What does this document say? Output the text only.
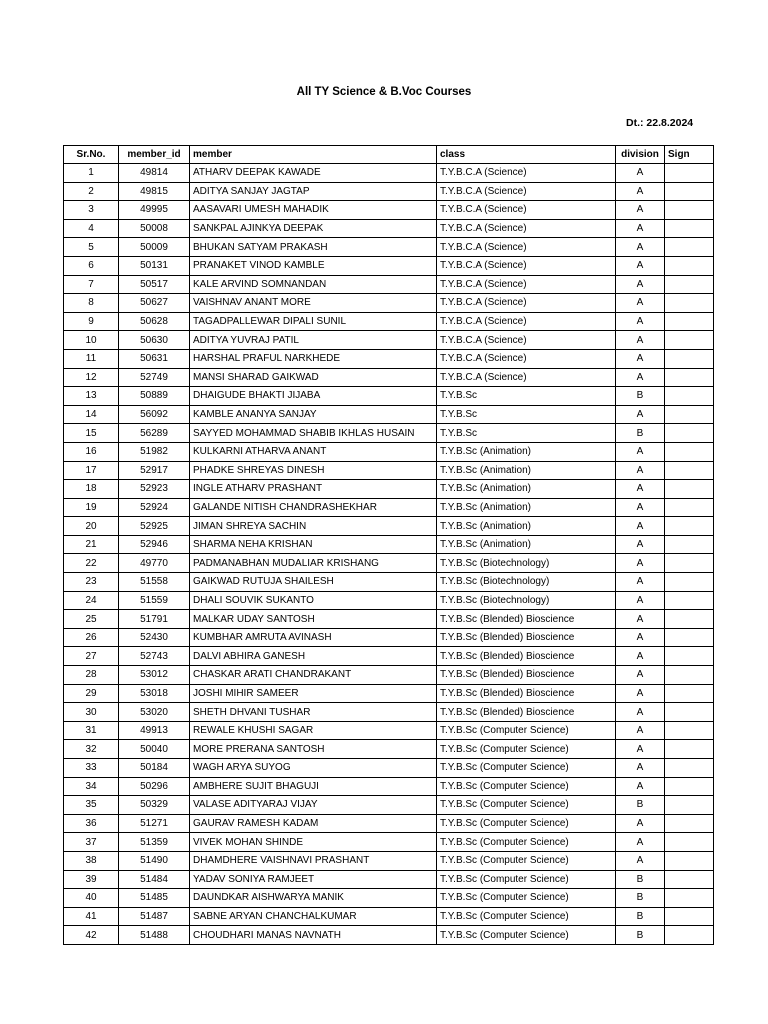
All TY Science & B.Voc Courses
Dt.: 22.8.2024
Sr.No.	member_id	member	class	division	Sign
1	49814	ATHARV DEEPAK KAWADE	T.Y.B.C.A (Science)	A	
2	49815	ADITYA SANJAY JAGTAP	T.Y.B.C.A (Science)	A	
3	49995	AASAVARI UMESH MAHADIK	T.Y.B.C.A (Science)	A	
4	50008	SANKPAL AJINKYA DEEPAK	T.Y.B.C.A (Science)	A	
5	50009	BHUKAN SATYAM PRAKASH	T.Y.B.C.A (Science)	A	
6	50131	PRANAKET VINOD KAMBLE	T.Y.B.C.A (Science)	A	
7	50517	KALE ARVIND SOMNANDAN	T.Y.B.C.A (Science)	A	
8	50627	VAISHNAV ANANT MORE	T.Y.B.C.A (Science)	A	
9	50628	TAGADPALLEWAR DIPALI SUNIL	T.Y.B.C.A (Science)	A	
10	50630	ADITYA YUVRAJ PATIL	T.Y.B.C.A (Science)	A	
11	50631	HARSHAL PRAFUL NARKHEDE	T.Y.B.C.A (Science)	A	
12	52749	MANSI SHARAD GAIKWAD	T.Y.B.C.A (Science)	A	
13	50889	DHAIGUDE BHAKTI JIJABA	T.Y.B.Sc	B	
14	56092	KAMBLE ANANYA SANJAY	T.Y.B.Sc	A	
15	56289	SAYYED MOHAMMAD SHABIB IKHLAS HUSAIN	T.Y.B.Sc	B	
16	51982	KULKARNI ATHARVA ANANT	T.Y.B.Sc (Animation)	A	
17	52917	PHADKE SHREYAS DINESH	T.Y.B.Sc (Animation)	A	
18	52923	INGLE ATHARV PRASHANT	T.Y.B.Sc (Animation)	A	
19	52924	GALANDE NITISH CHANDRASHEKHAR	T.Y.B.Sc (Animation)	A	
20	52925	JIMAN SHREYA SACHIN	T.Y.B.Sc (Animation)	A	
21	52946	SHARMA NEHA KRISHAN	T.Y.B.Sc (Animation)	A	
22	49770	PADMANABHAN MUDALIAR KRISHANG	T.Y.B.Sc (Biotechnology)	A	
23	51558	GAIKWAD RUTUJA SHAILESH	T.Y.B.Sc (Biotechnology)	A	
24	51559	DHALI SOUVIK SUKANTO	T.Y.B.Sc (Biotechnology)	A	
25	51791	MALKAR UDAY SANTOSH	T.Y.B.Sc (Blended) Bioscience	A	
26	52430	KUMBHAR AMRUTA AVINASH	T.Y.B.Sc (Blended) Bioscience	A	
27	52743	DALVI ABHIRA GANESH	T.Y.B.Sc (Blended) Bioscience	A	
28	53012	CHASKAR ARATI CHANDRAKANT	T.Y.B.Sc (Blended) Bioscience	A	
29	53018	JOSHI MIHIR SAMEER	T.Y.B.Sc (Blended) Bioscience	A	
30	53020	SHETH DHVANI TUSHAR	T.Y.B.Sc (Blended) Bioscience	A	
31	49913	REWALE KHUSHI SAGAR	T.Y.B.Sc (Computer Science)	A	
32	50040	MORE PRERANA SANTOSH	T.Y.B.Sc (Computer Science)	A	
33	50184	WAGH ARYA SUYOG	T.Y.B.Sc (Computer Science)	A	
34	50296	AMBHERE SUJIT BHAGUJI	T.Y.B.Sc (Computer Science)	A	
35	50329	VALASE ADITYARAJ VIJAY	T.Y.B.Sc (Computer Science)	B	
36	51271	GAURAV RAMESH KADAM	T.Y.B.Sc (Computer Science)	A	
37	51359	VIVEK MOHAN SHINDE	T.Y.B.Sc (Computer Science)	A	
38	51490	DHAMDHERE VAISHNAVI PRASHANT	T.Y.B.Sc (Computer Science)	A	
39	51484	YADAV SONIYA RAMJEET	T.Y.B.Sc (Computer Science)	B	
40	51485	DAUNDKAR AISHWARYA MANIK	T.Y.B.Sc (Computer Science)	B	
41	51487	SABNE ARYAN CHANCHALKUMAR	T.Y.B.Sc (Computer Science)	B	
42	51488	CHOUDHARI MANAS NAVNATH	T.Y.B.Sc (Computer Science)	B	
